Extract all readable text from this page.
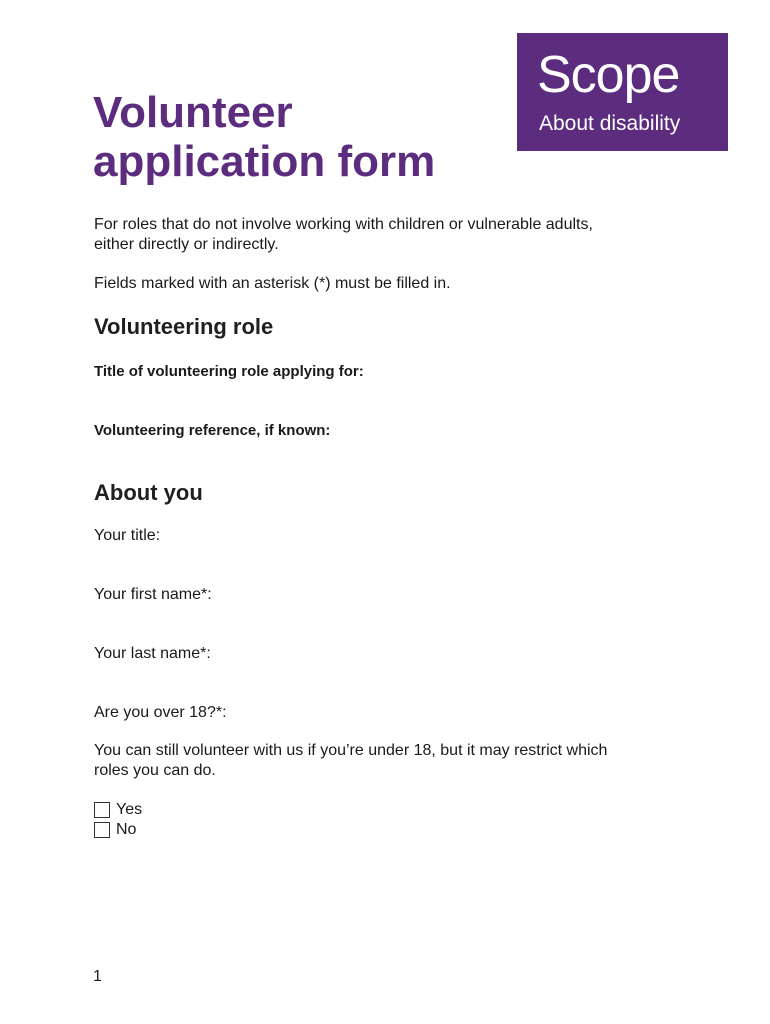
Scope
About disability
Volunteer
application form

For roles that do not involve working with children or vulnerable adults,
either directly or indirectly.

Fields marked with an asterisk (*) must be filled in.

Volunteering role

Title of volunteering role applying for:

Volunteering reference, if known:

About you

Your title:

Your first name*:

Your last name*:

Are you over 18?*:

You can still volunteer with us if you’re under 18, but it may restrict which
roles you can do.

Yes
No
1
